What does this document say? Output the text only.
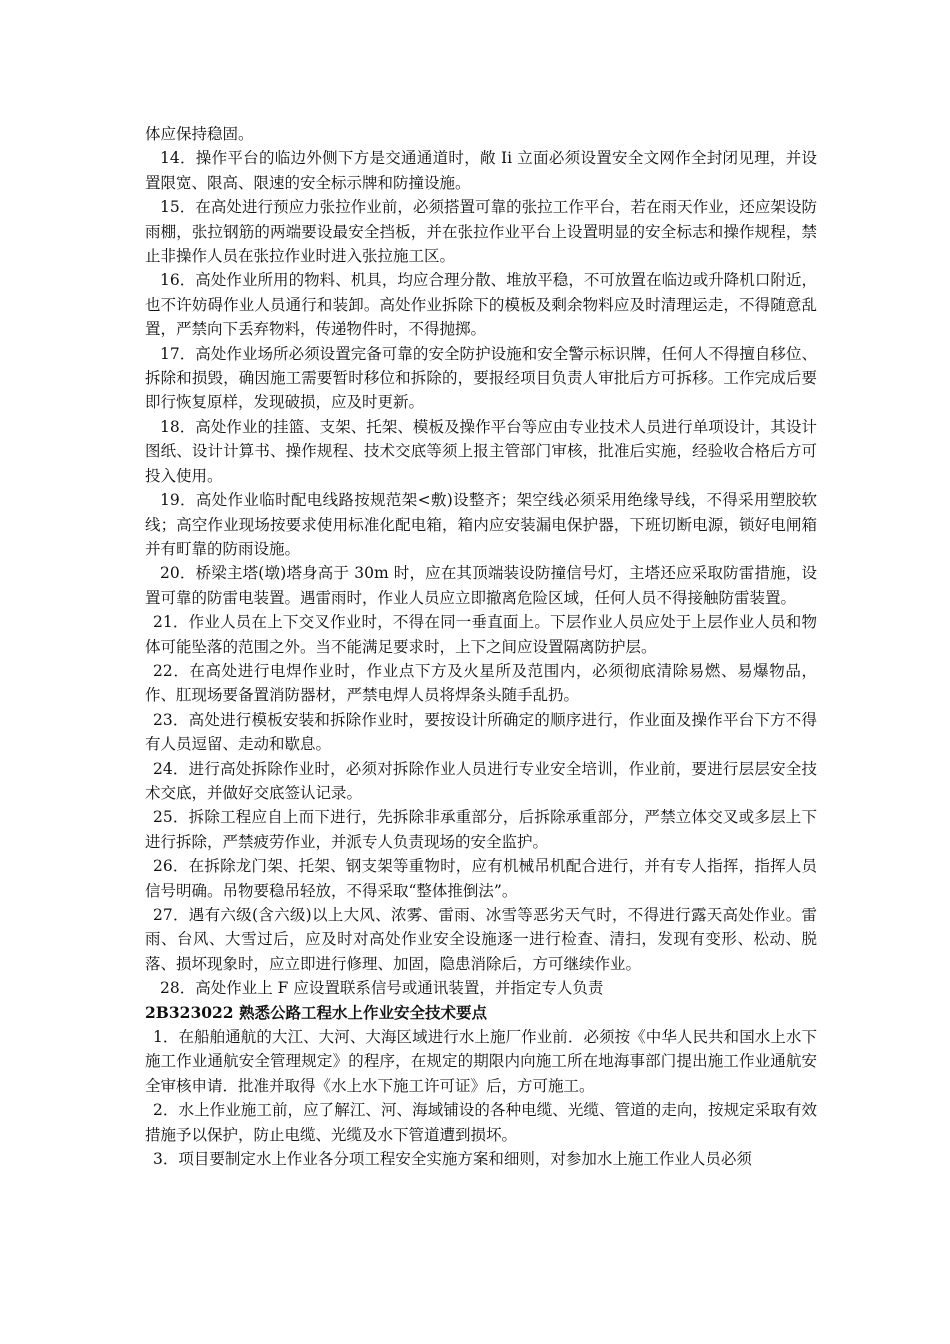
体应保持稳固。

14．操作平台的临边外侧下方是交通通道时，敞 Ii 立面必须设置安全文网作全封闭见理，并设置限宽、限高、限速的安全标示牌和防撞设施。

15．在高处进行预应力张拉作业前，必须搭置可靠的张拉工作平台，若在雨天作业，还应架设防雨棚，张拉钢筋的两端要设最安全挡板，并在张拉作业平台上设置明显的安全标志和操作规程，禁止非操作人员在张拉作业时进入张拉施工区。

16．高处作业所用的物料、机具，均应合理分散、堆放平稳，不可放置在临边或升降机口附近，也不许妨碍作业人员通行和装卸。高处作业拆除下的模板及剩余物料应及时清理运走，不得随意乱置，严禁向下丢弃物料，传递物件时，不得抛掷。

17．高处作业场所必须设置完备可靠的安全防护设施和安全警示标识牌，任何人不得擅自移位、拆除和损毁，确因施工需要暂时移位和拆除的，要报经项目负责人审批后方可拆移。工作完成后要即行恢复原样，发现破损，应及时更新。

18．高处作业的挂篮、支架、托架、模板及操作平台等应由专业技术人员进行单项设计，其设计图纸、设计计算书、操作规程、技术交底等须上报主管部门审核，批准后实施，经验收合格后方可投入使用。

19．高处作业临时配电线路按规范架<敷)设整齐；架空线必须采用绝缘导线，不得采用塑胶软线；高空作业现场按要求使用标准化配电箱，箱内应安装漏电保护器，下班切断电源，锁好电闸箱并有町靠的防雨设施。

20．桥梁主塔(墩)塔身高于 30m 时，应在其顶端装设防撞信号灯，主塔还应采取防雷措施，设置可靠的防雷电装置。遇雷雨时，作业人员应立即撤离危险区域，任何人员不得接触防雷装置。

21．作业人员在上下交叉作业时，不得在同一垂直面上。下层作业人员应处于上层作业人员和物体可能坠落的范围之外。当不能满足要求时，上下之间应设置隔离防护层。

22．在高处进行电焊作业时，作业点下方及火星所及范围内，必须彻底清除易燃、易爆物品，作、肛现场要备置消防器材，严禁电焊人员将焊条头随手乱扔。

23．高处进行模板安装和拆除作业时，要按设计所确定的顺序进行，作业面及操作平台下方不得有人员逗留、走动和歇息。

24．进行高处拆除作业时，必须对拆除作业人员进行专业安全培训，作业前，要进行层层安全技术交底，并做好交底签认记录。

25．拆除工程应自上而下进行，先拆除非承重部分，后拆除承重部分，严禁立体交叉或多层上下进行拆除，严禁疲劳作业，并派专人负责现场的安全监护。

26．在拆除龙门架、托架、钢支架等重物时，应有机械吊机配合进行，并有专人指挥，指挥人员信号明确。吊物要稳吊轻放，不得采取“整体推倒法”。

27．遇有六级(含六级)以上大风、浓雾、雷雨、冰雪等恶劣天气时，不得进行露天高处作业。雷雨、台风、大雪过后，应及时对高处作业安全设施逐一进行检查、清扫，发现有变形、松动、脱落、损坏现象时，应立即进行修理、加固，隐患消除后，方可继续作业。

28．高处作业上 F 应设置联系信号或通讯装置，并指定专人负责

2B323022 熟悉公路工程水上作业安全技术要点

1．在船舶通航的大江、大河、大海区域进行水上施厂作业前．必须按《中华人民共和国水上水下施工作业通航安全管理规定》的程序，在规定的期限内向施工所在地海事部门提出施工作业通航安全审核申请．批准并取得《水上水下施工许可证》后，方可施工。

2．水上作业施工前，应了解江、河、海域铺设的各种电缆、光缆、管道的走向，按规定采取有效措施予以保护，防止电缆、光缆及水下管道遭到损坏。

3．项目要制定水上作业各分项工程安全实施方案和细则，对参加水上施工作业人员必须
